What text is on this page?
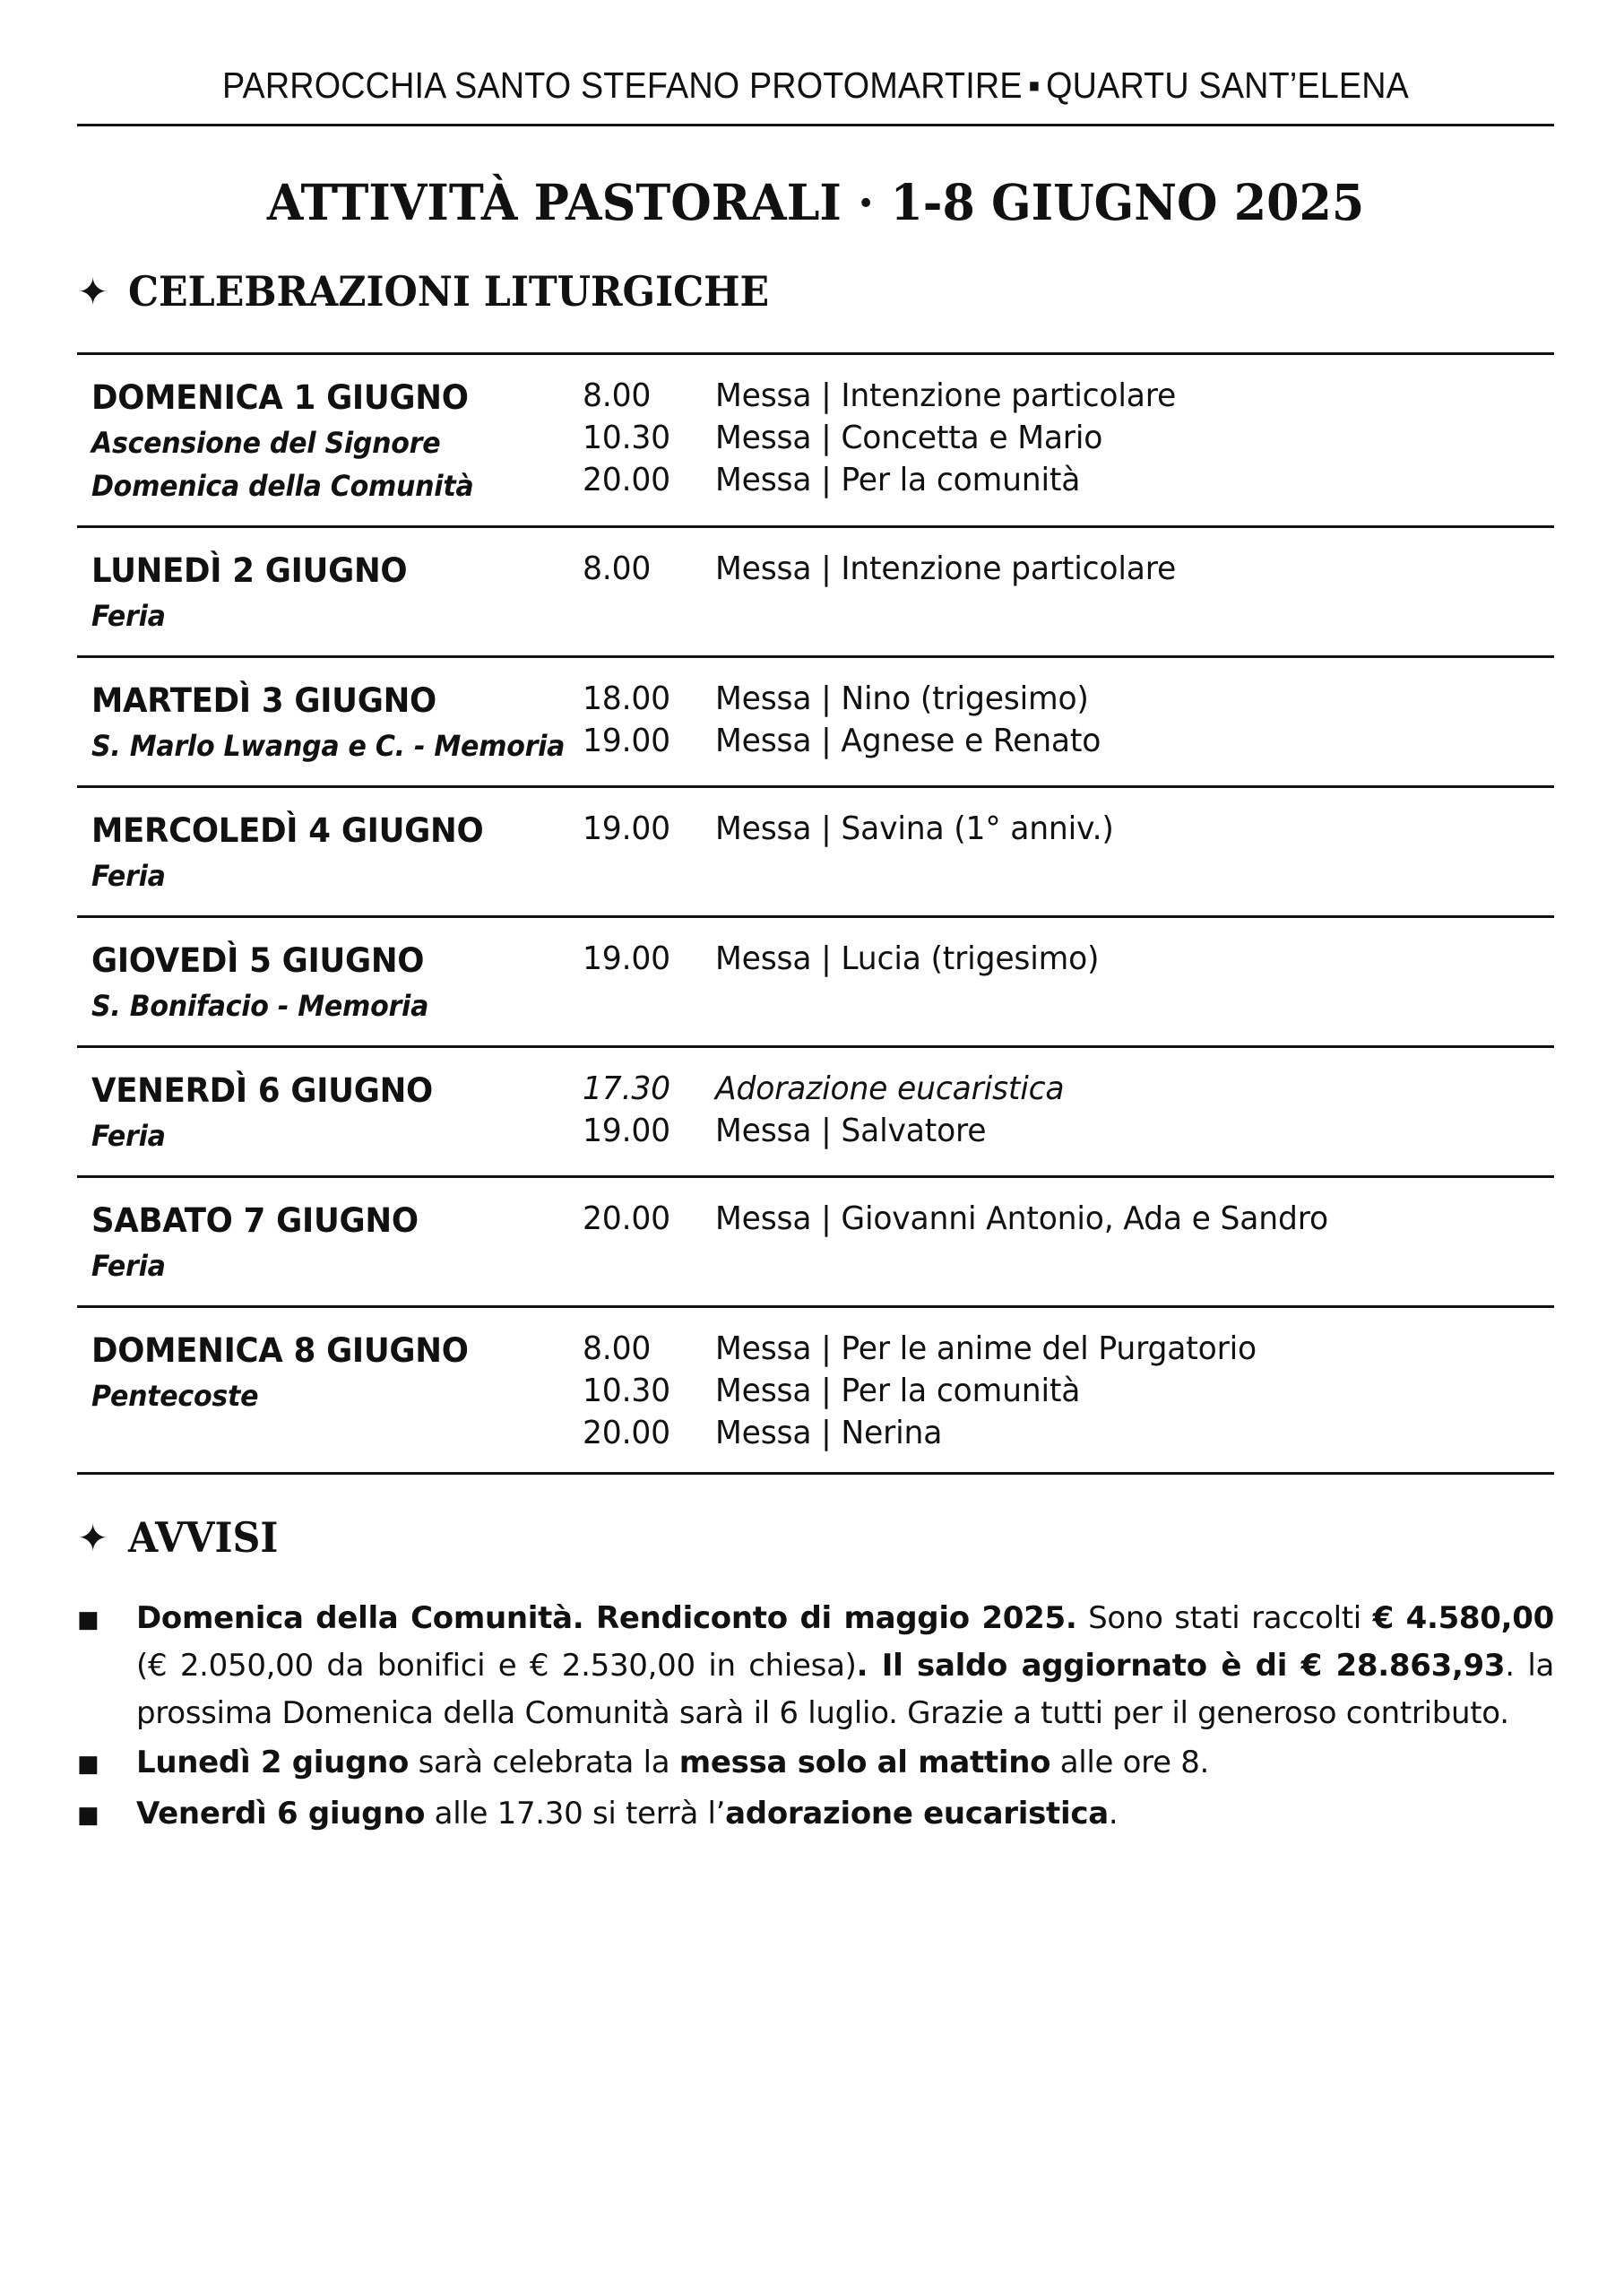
PARROCCHIA SANTO STEFANO PROTOMARTIRE ▪ QUARTU SANT’ELENA
ATTIVITÀ PASTORALI · 1-8 GIUGNO 2025
✦ CELEBRAZIONI LITURGICHE
DOMENICA 1 GIUGNO
Ascensione del Signore
Domenica della Comunità
8.00	Messa | Intenzione particolare
10.30	Messa | Concetta e Mario
20.00	Messa | Per la comunità
LUNEDÌ 2 GIUGNO
Feria
8.00	Messa | Intenzione particolare
MARTEDÌ 3 GIUGNO
S. Marlo Lwanga e C. - Memoria
18.00	Messa | Nino (trigesimo)
19.00	Messa | Agnese e Renato
MERCOLEDÌ 4 GIUGNO
Feria
19.00	Messa | Savina (1° anniv.)
GIOVEDÌ 5 GIUGNO
S. Bonifacio - Memoria
19.00	Messa | Lucia (trigesimo)
VENERDÌ 6 GIUGNO
Feria
17.30	Adorazione eucaristica
19.00	Messa | Salvatore
SABATO 7 GIUGNO
Feria
20.00	Messa | Giovanni Antonio, Ada e Sandro
DOMENICA 8 GIUGNO
Pentecoste
8.00	Messa | Per le anime del Purgatorio
10.30	Messa | Per la comunità
20.00	Messa | Nerina
✦ AVVISI
■	Domenica della Comunità. Rendiconto di maggio 2025. Sono stati raccolti € 4.580,00 (€ 2.050,00 da bonifici e € 2.530,00 in chiesa). Il saldo aggiornato è di € 28.863,93. la prossima Domenica della Comunità sarà il 6 luglio. Grazie a tutti per il generoso contributo.
■	Lunedì 2 giugno sarà celebrata la messa solo al mattino alle ore 8.
■	Venerdì 6 giugno alle 17.30 si terrà l’adorazione eucaristica.
